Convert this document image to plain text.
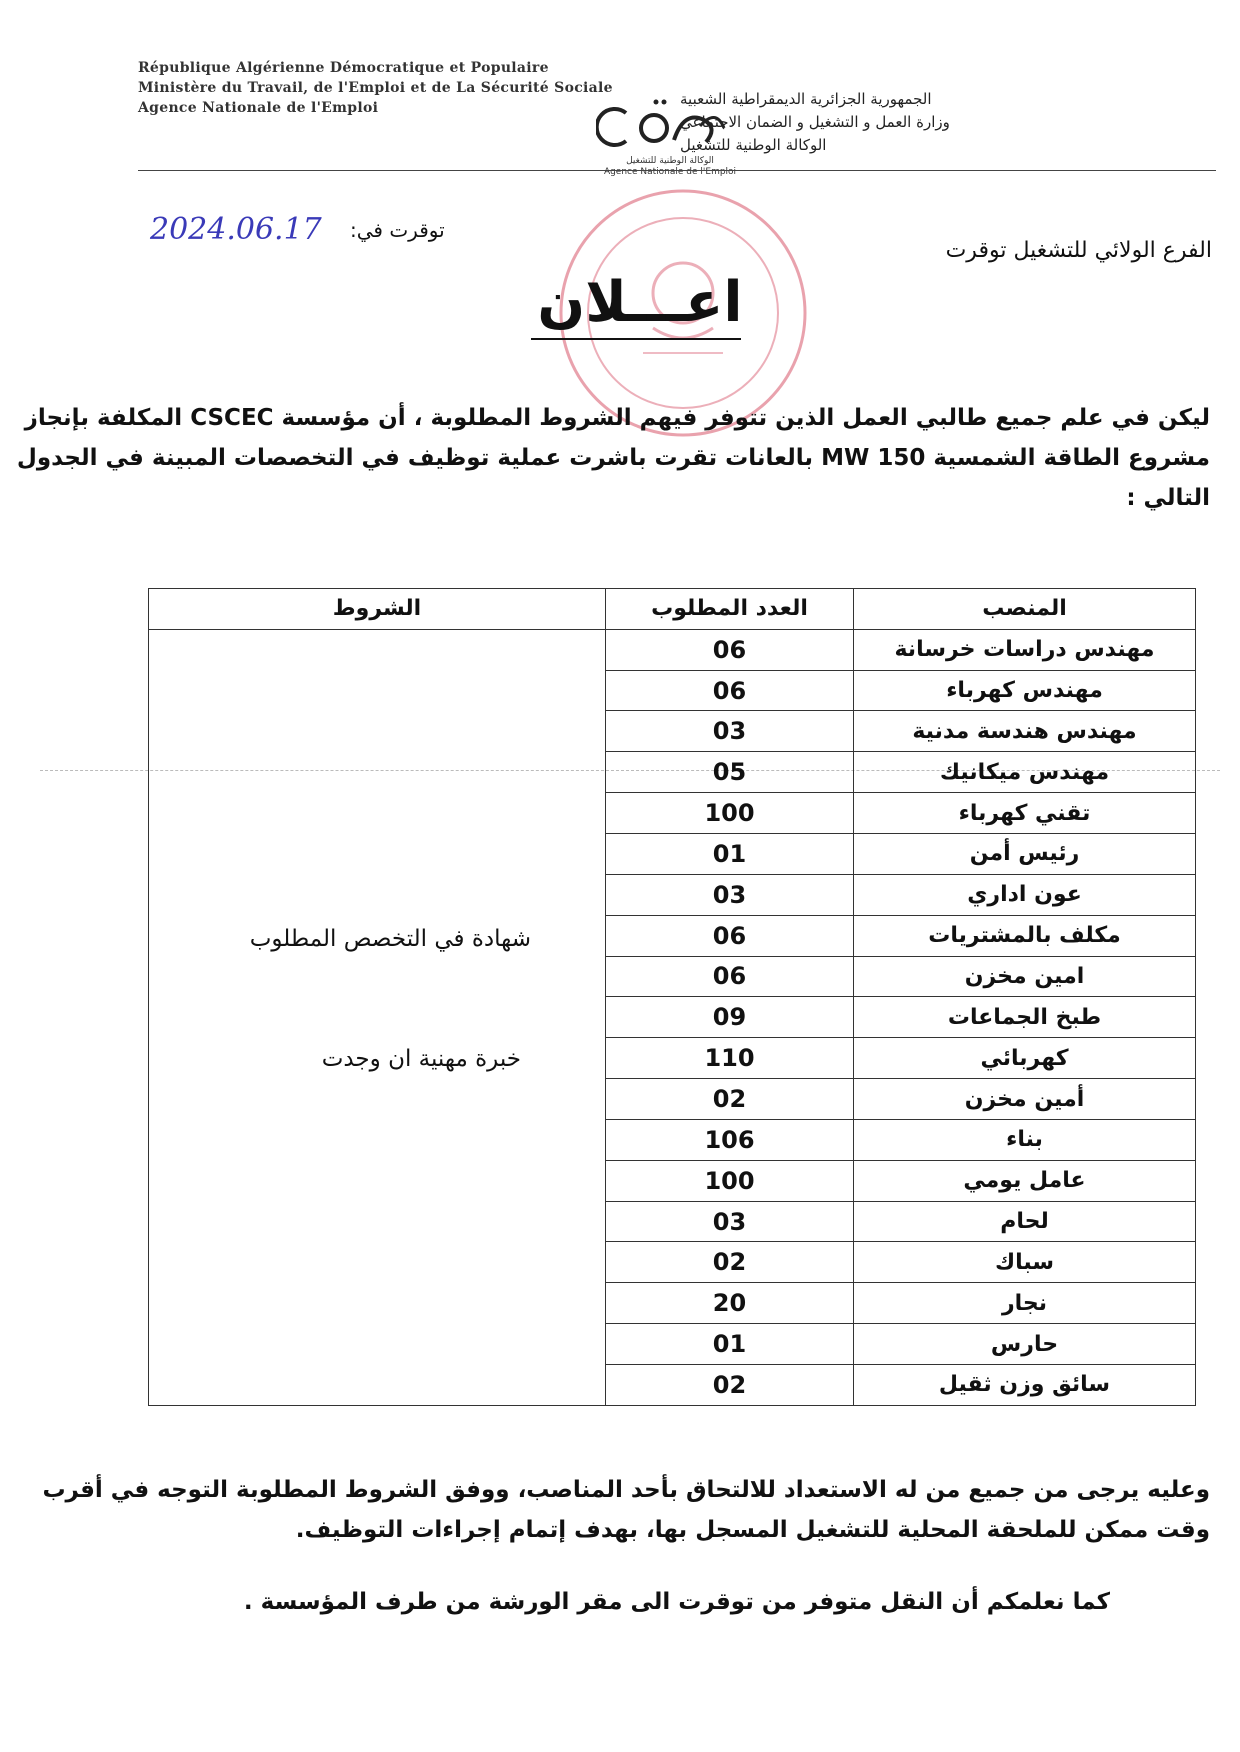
République Algérienne Démocratique et Populaire
Ministère du Travail, de l'Emploi et de La Sécurité Sociale
Agence Nationale de l'Emploi
الوكالة الوطنية للتشغيل
Agence Nationale de l'Emploi
الجمهورية الجزائرية الديمقراطية الشعبية
وزارة العمل و التشغيل و الضمان الاجتماعي
الوكالة الوطنية للتشغيل
2024.06.17 توقرت في:
الفرع الولائي للتشغيل توقرت
اعـــلان
ليكن في علم جميع طالبي العمل الذين تتوفر فيهم الشروط المطلوبة ، أن مؤسسة CSCEC المكلفة بإنجاز
مشروع الطاقة الشمسية 150 MW بالعانات تقرت باشرت عملية توظيف في التخصصات المبينة في الجدول
التالي :
المنصب	العدد المطلوب	الشروط
مهندس دراسات خرسانة	06	شهادة في التخصص المطلوب
خبرة مهنية ان وجدت

مهندس كهرباء	06	
مهندس هندسة مدنية	03	
مهندس ميكانيك	05	
تقني كهرباء	100	
رئيس أمن	01	
عون اداري	03	
مكلف بالمشتريات	06	
امين مخزن	06	
طبخ الجماعات	09	
كهربائي	110	
أمين مخزن	02	
بناء	106	
عامل يومي	100	
لحام	03	
سباك	02	
نجار	20	
حارس	01	
سائق وزن ثقيل	02	
وعليه يرجى من جميع من له الاستعداد للالتحاق بأحد المناصب، ووفق الشروط المطلوبة التوجه في أقرب
وقت ممكن للملحقة المحلية للتشغيل المسجل بها، بهدف إتمام إجراءات التوظيف.
كما نعلمكم أن النقل متوفر من توقرت الى مقر الورشة من طرف المؤسسة .
